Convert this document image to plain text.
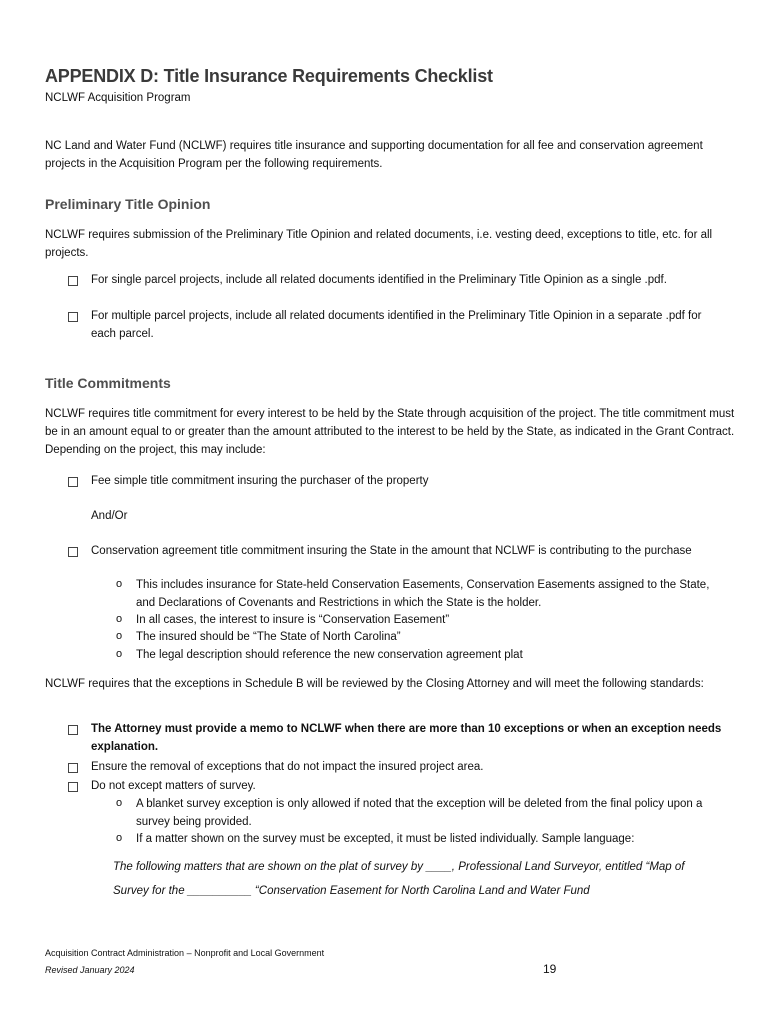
APPENDIX D: Title Insurance Requirements Checklist
NCLWF Acquisition Program
NC Land and Water Fund (NCLWF) requires title insurance and supporting documentation for all fee and conservation agreement projects in the Acquisition Program per the following requirements.
Preliminary Title Opinion
NCLWF requires submission of the Preliminary Title Opinion and related documents, i.e. vesting deed, exceptions to title, etc. for all projects.
For single parcel projects, include all related documents identified in the Preliminary Title Opinion as a single .pdf.
For multiple parcel projects, include all related documents identified in the Preliminary Title Opinion in a separate .pdf for each parcel.
Title Commitments
NCLWF requires title commitment for every interest to be held by the State through acquisition of the project. The title commitment must be in an amount equal to or greater than the amount attributed to the interest to be held by the State, as indicated in the Grant Contract. Depending on the project, this may include:
Fee simple title commitment insuring the purchaser of the property
And/Or
Conservation agreement title commitment insuring the State in the amount that NCLWF is contributing to the purchase
o This includes insurance for State-held Conservation Easements, Conservation Easements assigned to the State, and Declarations of Covenants and Restrictions in which the State is the holder.
o In all cases, the interest to insure is “Conservation Easement”
o The insured should be “The State of North Carolina”
o The legal description should reference the new conservation agreement plat
NCLWF requires that the exceptions in Schedule B will be reviewed by the Closing Attorney and will meet the following standards:
The Attorney must provide a memo to NCLWF when there are more than 10 exceptions or when an exception needs explanation.
Ensure the removal of exceptions that do not impact the insured project area.
Do not except matters of survey.
o A blanket survey exception is only allowed if noted that the exception will be deleted from the final policy upon a survey being provided.
o If a matter shown on the survey must be excepted, it must be listed individually. Sample language:
The following matters that are shown on the plat of survey by ____, Professional Land Surveyor, entitled “Map of Survey for the __________ “Conservation Easement for North Carolina Land and Water Fund
Acquisition Contract Administration – Nonprofit and Local Government
Revised January 2024	19
